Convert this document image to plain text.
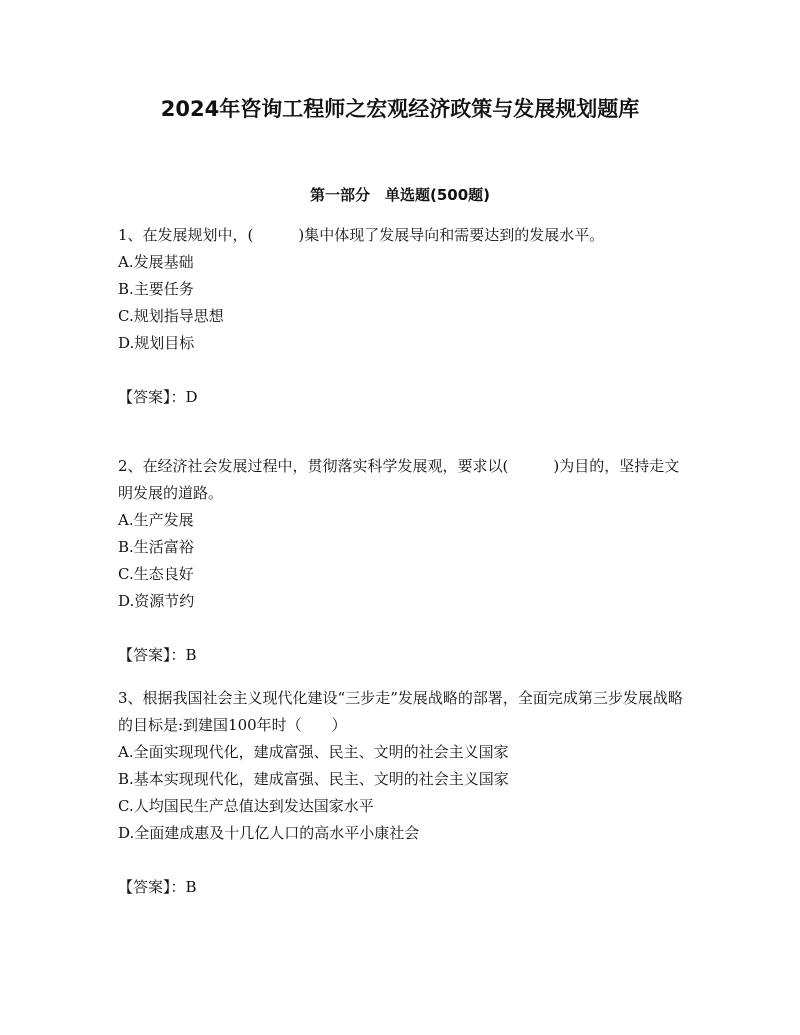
2024年咨询工程师之宏观经济政策与发展规划题库
第一部分　单选题(500题)

1、在发展规划中，(　　　)集中体现了发展导向和需要达到的发展水平。

A.发展基础

B.主要任务

C.规划指导思想

D.规划目标

【答案】：D

2、在经济社会发展过程中，贯彻落实科学发展观，要求以(　　　)为目的，坚持走文明发展的道路。

A.生产发展

B.生活富裕

C.生态良好

D.资源节约

【答案】：B

3、根据我国社会主义现代化建设“三步走”发展战略的部署，全面完成第三步发展战略的目标是:到建国100年时（　　）

A.全面实现现代化，建成富强、民主、文明的社会主义国家

B.基本实现现代化，建成富强、民主、文明的社会主义国家

C.人均国民生产总值达到发达国家水平

D.全面建成惠及十几亿人口的高水平小康社会

【答案】：B
